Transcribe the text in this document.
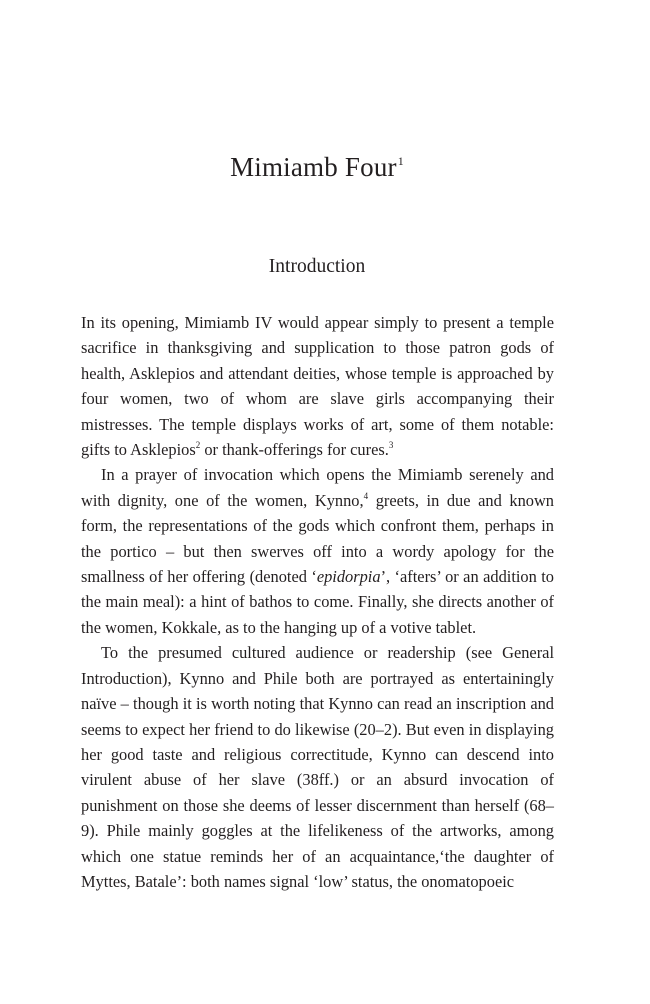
Mimiamb Four$^1$
Introduction

In its opening, Mimiamb IV would appear simply to present a temple sacrifice in thanksgiving and supplication to those patron gods of health, Asklepios and attendant deities, whose temple is approached by four women, two of whom are slave girls accompanying their mistresses. The temple displays works of art, some of them notable: gifts to Asklepios$^2$ or thank-offerings for cures.$^3$

In a prayer of invocation which opens the Mimiamb serenely and with dignity, one of the women, Kynno,$^4$ greets, in due and known form, the representations of the gods which confront them, perhaps in the portico – but then swerves off into a wordy apology for the smallness of her offering (denoted ‘epidorpia’, ‘afters’ or an addition to the main meal): a hint of bathos to come. Finally, she directs another of the women, Kokkale, as to the hanging up of a votive tablet.

To the presumed cultured audience or readership (see General Introduction), Kynno and Phile both are portrayed as entertainingly naïve – though it is worth noting that Kynno can read an inscription and seems to expect her friend to do likewise (20–2). But even in displaying her good taste and religious correctitude, Kynno can descend into virulent abuse of her slave (38ff.) or an absurd invocation of punishment on those she deems of lesser discernment than herself (68–9). Phile mainly goggles at the lifelikeness of the artworks, among which one statue reminds her of an acquaintance,‘the daughter of Myttes, Batale’: both names signal ‘low’ status, the onomatopoeic
